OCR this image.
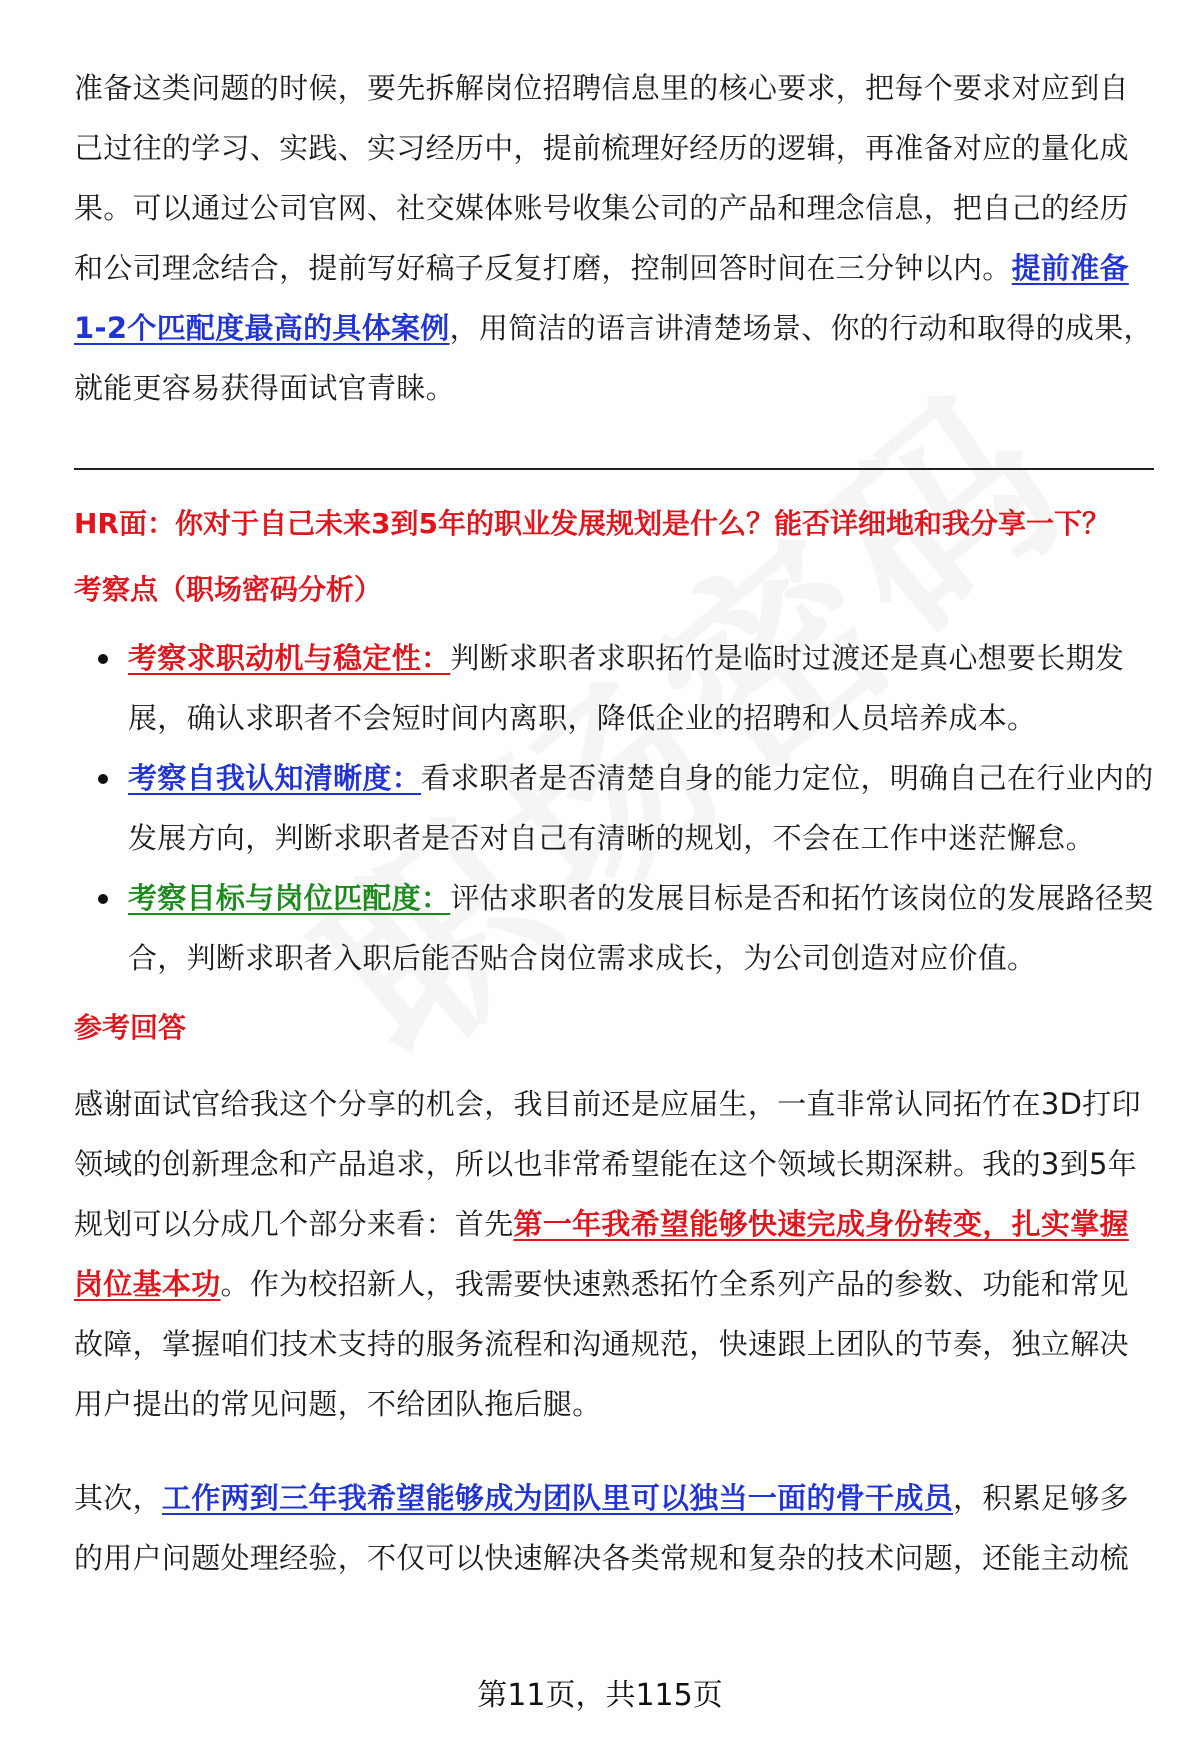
准备这类问题的时候，要先拆解岗位招聘信息里的核心要求，把每个要求对应到自己过往的学习、实践、实习经历中，提前梳理好经历的逻辑，再准备对应的量化成果。可以通过公司官网、社交媒体账号收集公司的产品和理念信息，把自己的经历和公司理念结合，提前写好稿子反复打磨，控制回答时间在三分钟以内。提前准备1-2个匹配度最高的具体案例，用简洁的语言讲清楚场景、你的行动和取得的成果，就能更容易获得面试官青睐。

HR面：你对于自己未来3到5年的职业发展规划是什么？能否详细地和我分享一下？

考察点（职场密码分析）
考察求职动机与稳定性：判断求职者求职拓竹是临时过渡还是真心想要长期发展，确认求职者不会短时间内离职，降低企业的招聘和人员培养成本。
考察自我认知清晰度：看求职者是否清楚自身的能力定位，明确自己在行业内的发展方向，判断求职者是否对自己有清晰的规划，不会在工作中迷茫懈怠。
考察目标与岗位匹配度：评估求职者的发展目标是否和拓竹该岗位的发展路径契合，判断求职者入职后能否贴合岗位需求成长，为公司创造对应价值。
参考回答

感谢面试官给我这个分享的机会，我目前还是应届生，一直非常认同拓竹在3D打印领域的创新理念和产品追求，所以也非常希望能在这个领域长期深耕。我的3到5年规划可以分成几个部分来看：首先第一年我希望能够快速完成身份转变，扎实掌握岗位基本功。作为校招新人，我需要快速熟悉拓竹全系列产品的参数、功能和常见故障，掌握咱们技术支持的服务流程和沟通规范，快速跟上团队的节奏，独立解决用户提出的常见问题，不给团队拖后腿。

其次，工作两到三年我希望能够成为团队里可以独当一面的骨干成员，积累足够多的用户问题处理经验，不仅可以快速解决各类常规和复杂的技术问题，还能主动梳

第11页，共115页
